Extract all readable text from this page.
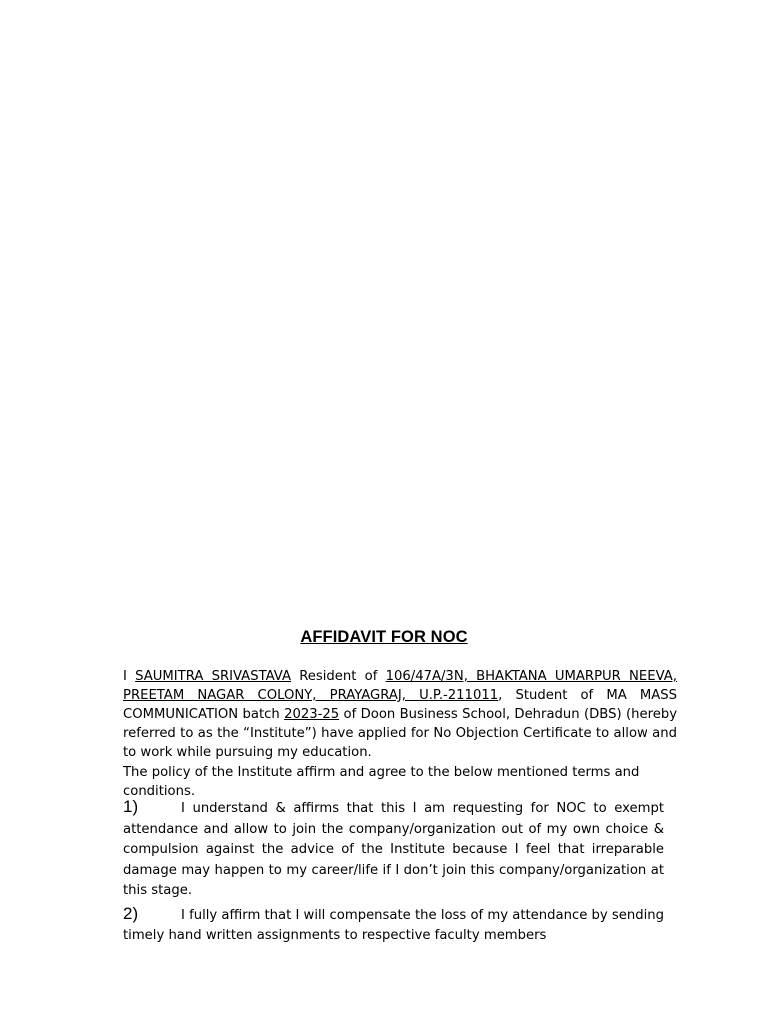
AFFIDAVIT FOR NOC
I SAUMITRA SRIVASTAVA Resident of 106/47A/3N, BHAKTANA UMARPUR NEEVA, PREETAM NAGAR COLONY, PRAYAGRAJ, U.P.-211011, Student of MA MASS COMMUNICATION batch 2023-25 of Doon Business School, Dehradun (DBS) (hereby referred to as the “Institute”) have applied for No Objection Certificate to allow and to work while pursuing my education.
The policy of the Institute affirm and agree to the below mentioned terms and conditions.
1)	I understand & affirms that this I am requesting for NOC to exempt attendance and allow to join the company/organization out of my own choice & compulsion against the advice of the Institute because I feel that irreparable damage may happen to my career/life if I don’t join this company/organization at this stage.
2)	I fully affirm that I will compensate the loss of my attendance by sending timely hand written assignments to respective faculty members
